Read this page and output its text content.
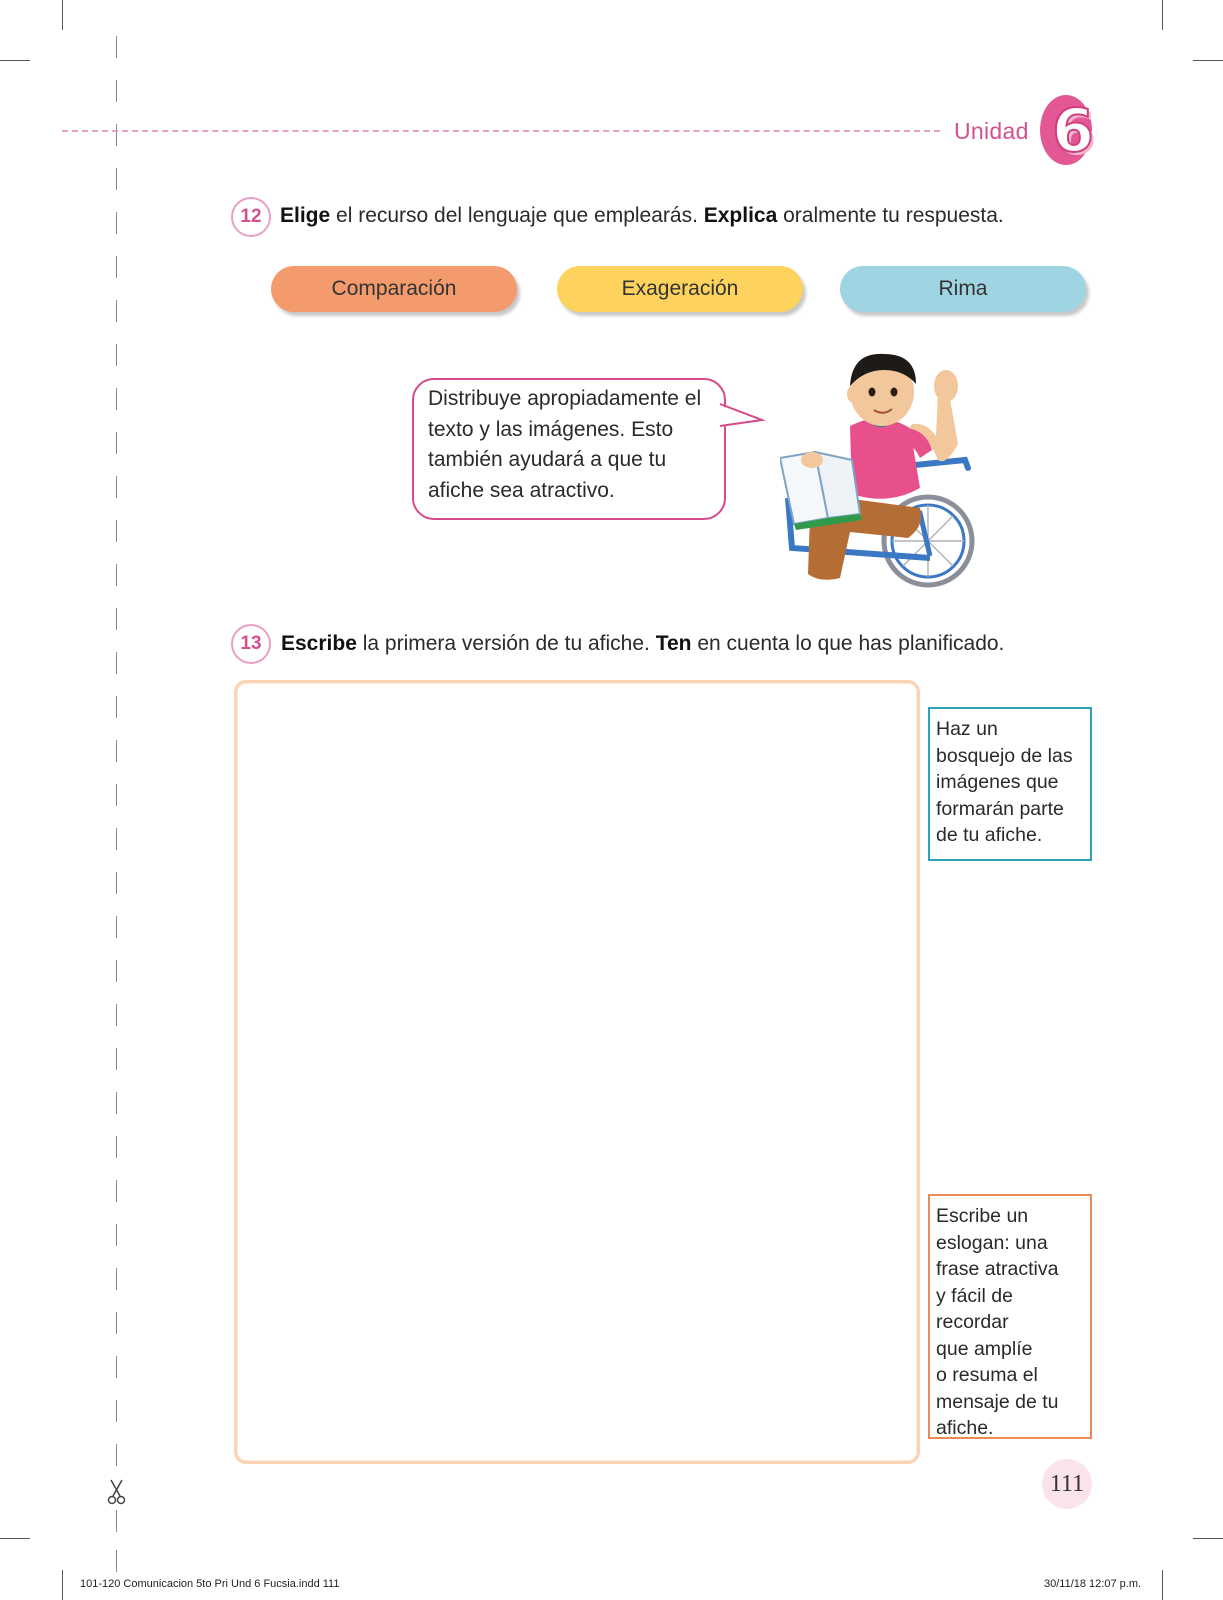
Unidad 6
12 Elige el recurso del lenguaje que emplearás. Explica oralmente tu respuesta.
Comparación	Exageración	Rima
Distribuye apropiadamente el texto y las imágenes. Esto también ayudará a que tu afiche sea atractivo.
13 Escribe la primera versión de tu afiche. Ten en cuenta lo que has planificado.
Haz un
bosquejo de las
imágenes que
formarán parte
de tu afiche.
Escribe un
eslogan: una
frase atractiva
y fácil de
recordar
que amplíe
o resuma el
mensaje de tu
afiche.
111
101-120 Comunicacion 5to Pri Und 6 Fucsia.indd 111	30/11/18 12:07 p.m.
